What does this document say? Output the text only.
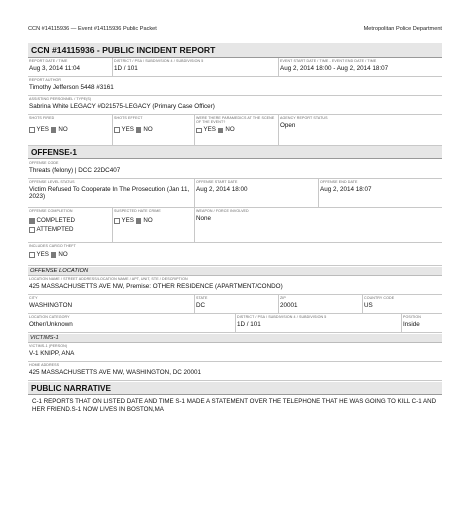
CCN #14115936 — Event #14115936 Public Packet	Metropolitan Police Department
CCN #14115936 - PUBLIC INCIDENT REPORT
REPORT DATE / TIME
Aug 3, 2014 11:04
DISTRICT / PSA / SUBDIVISION 4 / SUBDIVISION 5
1D / 101
EVENT START DATE / TIME - EVENT END DATE / TIME
Aug 2, 2014 18:00 - Aug 2, 2014 18:07
REPORT AUTHOR
Timothy Jefferson 5448 #3161
ASSISTING PERSONNEL / TYPE(S)
Sabrina White LEGACY #D21575-LEGACY (Primary Case Officer)
SHOTS FIRED
YES NO
SHOTS EFFECT
YES NO
WERE THERE PARAMEDICS AT THE SCENE OF THE EVENT?
YES NO
AGENCY REPORT STATUS
Open
OFFENSE-1
OFFENSE CODE
Threats (felony) | DCC 22DC407
OFFENSE LEVEL STATUS
Victim Refused To Cooperate In The Prosecution (Jan 11, 2023)
OFFENSE START DATE
Aug 2, 2014 18:00
OFFENSE END DATE
Aug 2, 2014 18:07
OFFENSE COMPLETION
COMPLETED
ATTEMPTED
SUSPECTED HATE CRIME
YES NO
WEAPON / FORCE INVOLVED
None
INCLUDES CARGO THEFT
YES NO
OFFENSE LOCATION
LOCATION NAME / STREET ADDRESS/LOCATION NAME / APT, UNIT, STE / DESCRIPTION
425 MASSACHUSETTS AVE NW, Premise: OTHER RESIDENCE (APARTMENT/CONDO)
CITY
WASHINGTON
STATE
DC
ZIP
20001
COUNTRY CODE
US
LOCATION CATEGORY
Other/Unknown
DISTRICT / PSA / SUBDIVISION 4 / SUBDIVISION 5
1D / 101
POSITION
Inside
VICTIMS-1
VICTIMS-1 (PERSON)
V-1 KNIPP, ANA
HOME ADDRESS
425 MASSACHUSETTS AVE NW, WASHINGTON, DC 20001
PUBLIC NARRATIVE
C-1 REPORTS THAT ON LISTED DATE AND TIME S-1 MADE A STATEMENT OVER THE TELEPHONE THAT HE WAS GOING TO KILL C-1 AND HER FRIEND.S-1 NOW LIVES IN BOSTON,MA
